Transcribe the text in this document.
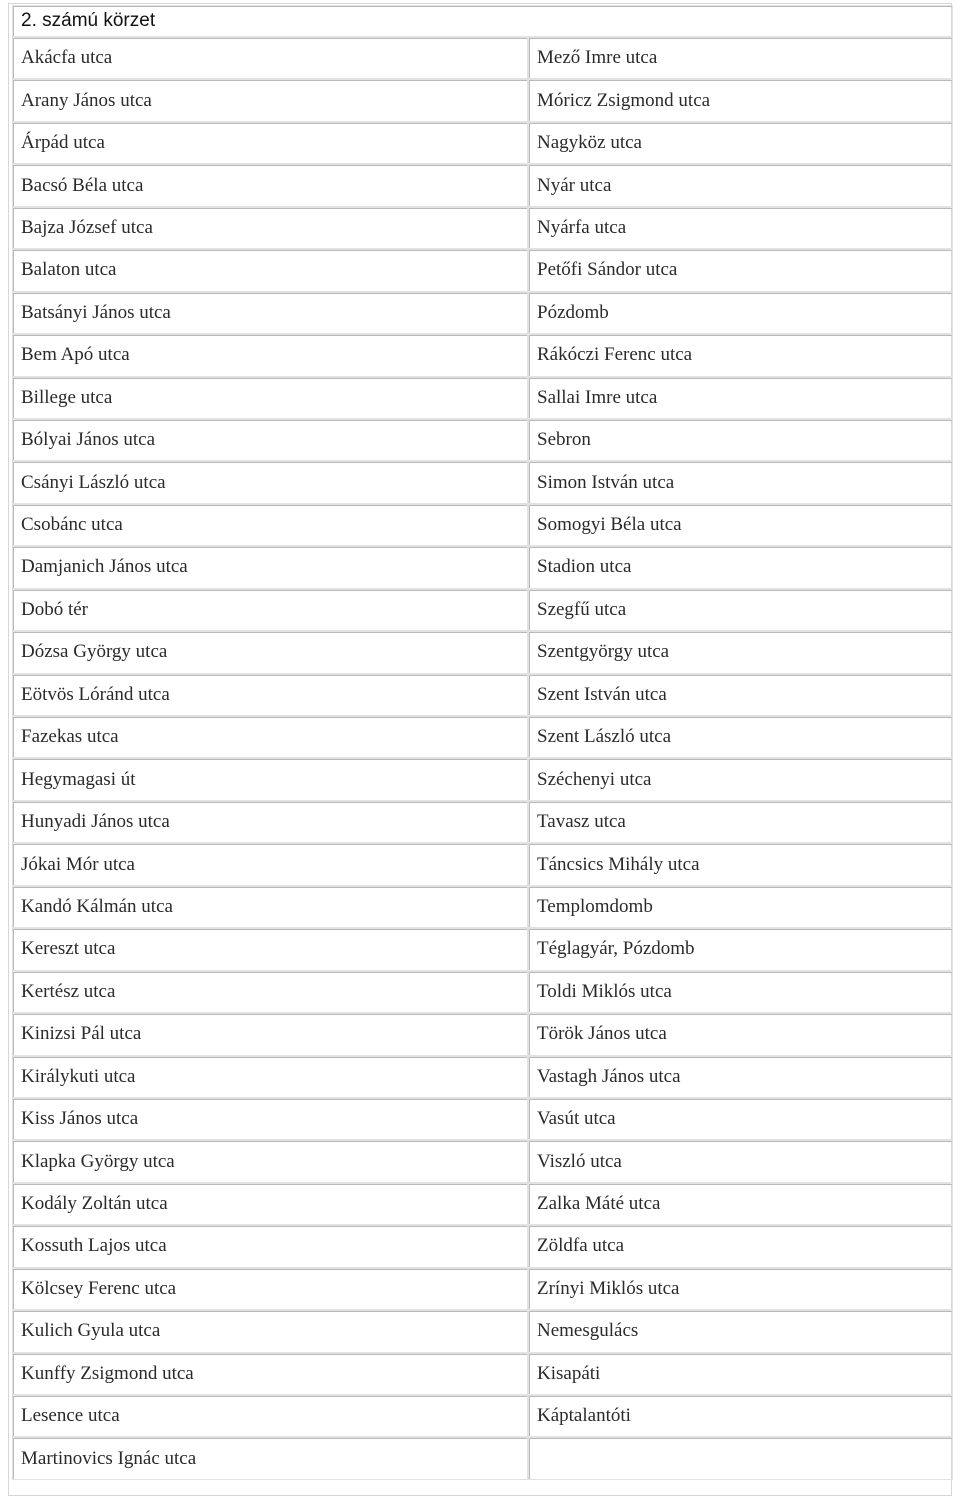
2. számú körzet	
Akácfa utca	Mező Imre utca
Arany János utca	Móricz Zsigmond utca
Árpád utca	Nagyköz utca
Bacsó Béla utca	Nyár utca
Bajza József utca	Nyárfa utca
Balaton utca	Petőfi Sándor utca
Batsányi János utca	Pózdomb
Bem Apó utca	Rákóczi Ferenc utca
Billege utca	Sallai Imre utca
Bólyai János utca	Sebron
Csányi László utca	Simon István utca
Csobánc utca	Somogyi Béla utca
Damjanich János utca	Stadion utca
Dobó tér	Szegfű utca
Dózsa György utca	Szentgyörgy utca
Eötvös Lóránd utca	Szent István utca
Fazekas utca	Szent László utca
Hegymagasi út	Széchenyi utca
Hunyadi János utca	Tavasz utca
Jókai Mór utca	Táncsics Mihály utca
Kandó Kálmán utca	Templomdomb
Kereszt utca	Téglagyár, Pózdomb
Kertész utca	Toldi Miklós utca
Kinizsi Pál utca	Török János utca
Királykuti utca	Vastagh János utca
Kiss János utca	Vasút utca
Klapka György utca	Viszló utca
Kodály Zoltán utca	Zalka Máté utca
Kossuth Lajos utca	Zöldfa utca
Kölcsey Ferenc utca	Zrínyi Miklós utca
Kulich Gyula utca	Nemesgulács
Kunffy Zsigmond utca	Kisapáti
Lesence utca	Káptalantóti
Martinovics Ignác utca	
